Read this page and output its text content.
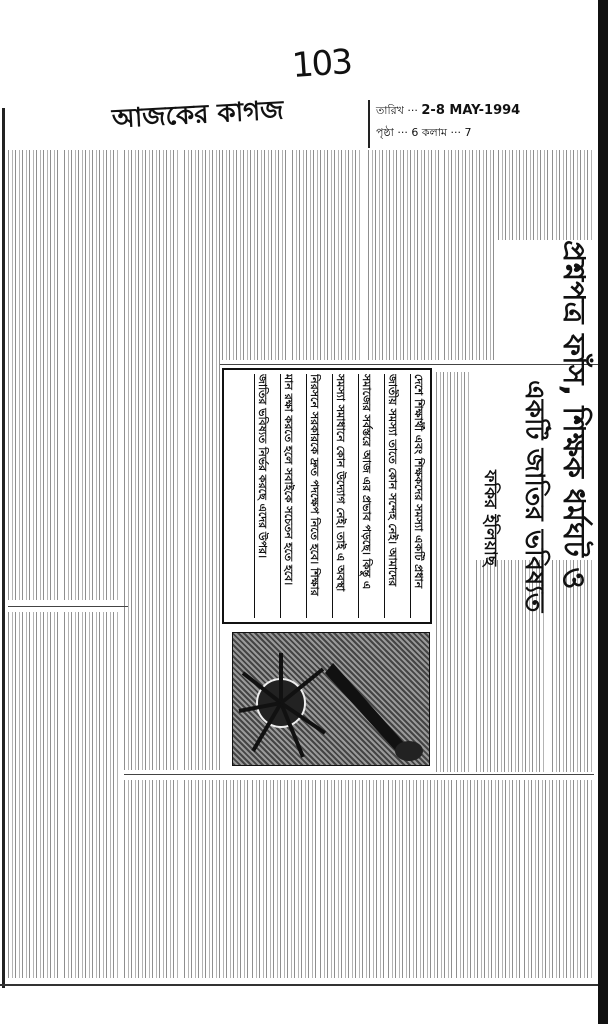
103
আজকের কাগজ	তারিখ ··· 2-8 MAY-1994
পৃষ্ঠা ··· 6 কলাম ··· 7
প্রশ্নপত্র ফাঁস, শিক্ষক ধর্মঘট ও
একটি জাতির ভবিষ্যত
ফকির ইলিয়াছ
দেশে শিক্ষার্থী এবং শিক্ষকদের সমস্যা একটি প্রধান
জাতীয় সমস্যা তাতে কোন সন্দেহ নেই। আমাদের
সমাজের সর্বস্তরে আজ এর প্রভাব পড়ছে। কিন্তু এ
সমস্যা সমাধানে কোন উদ্যোগ নেই। তাই এ অবস্থা
নিরসনে সরকারকে দ্রুত পদক্ষেপ নিতে হবে। শিক্ষার
মান রক্ষা করতে হলে সবাইকে সচেতন হতে হবে।
জাতির ভবিষ্যত নির্ভর করছে এদের উপর।
